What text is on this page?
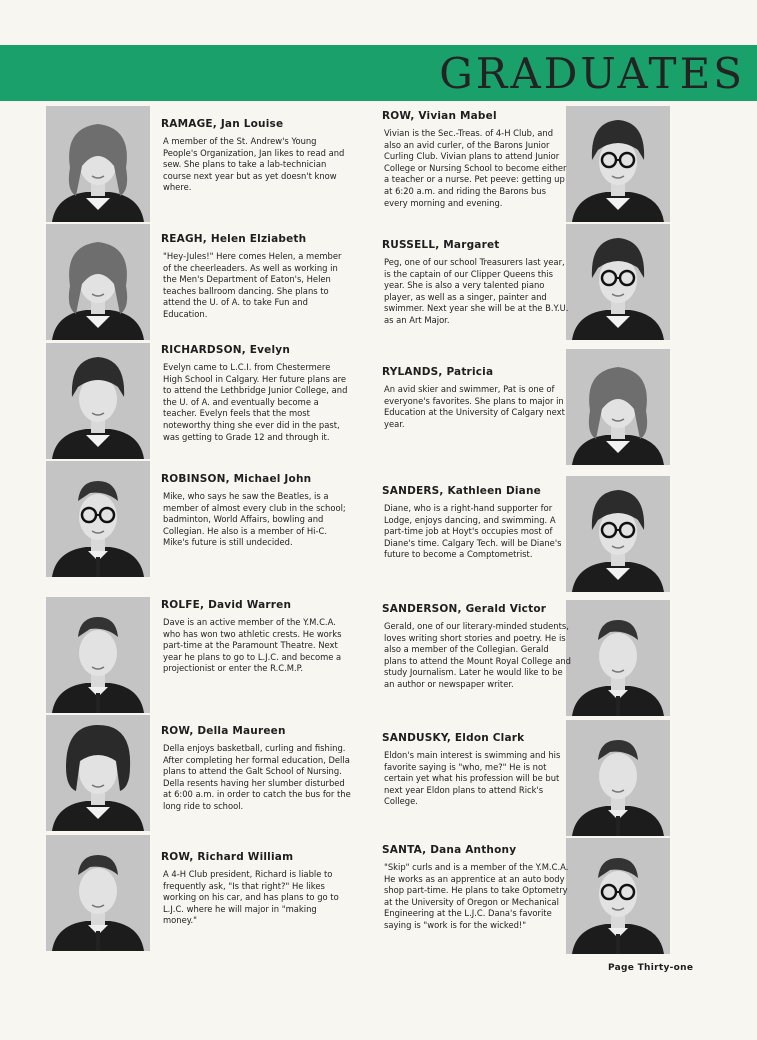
GRADUATES
RAMAGE, Jan Louise

A member of the St. Andrew's Young People's Organization, Jan likes to read and sew. She plans to take a lab-technician course next year but as yet doesn't know where.

REAGH, Helen Elziabeth

"Hey-Jules!" Here comes Helen, a member of the cheerleaders. As well as working in the Men's Department of Eaton's, Helen teaches ballroom dancing. She plans to attend the U. of A. to take Fun and Education.

RICHARDSON, Evelyn

Evelyn came to L.C.I. from Chestermere High School in Calgary. Her future plans are to attend the Lethbridge Junior College, and the U. of A. and eventually become a teacher. Evelyn feels that the most noteworthy thing she ever did in the past, was getting to Grade 12 and through it.

ROBINSON, Michael John

Mike, who says he saw the Beatles, is a member of almost every club in the school; badminton, World Affairs, bowling and Collegian. He also is a member of Hi-C. Mike's future is still undecided.

ROLFE, David Warren

Dave is an active member of the Y.M.C.A. who has won two athletic crests. He works part-time at the Paramount Theatre. Next year he plans to go to L.J.C. and become a projectionist or enter the R.C.M.P.

ROW, Della Maureen

Della enjoys basketball, curling and fishing. After completing her formal education, Della plans to attend the Galt School of Nursing. Della resents having her slumber disturbed at 6:00 a.m. in order to catch the bus for the long ride to school.

ROW, Richard William

A 4-H Club president, Richard is liable to frequently ask, "Is that right?" He likes working on his car, and has plans to go to L.J.C. where he will major in "making money."

ROW, Vivian Mabel

Vivian is the Sec.-Treas. of 4-H Club, and also an avid curler, of the Barons Junior Curling Club. Vivian plans to attend Junior College or Nursing School to become either a teacher or a nurse. Pet peeve: getting up at 6:20 a.m. and riding the Barons bus every morning and evening.

RUSSELL, Margaret

Peg, one of our school Treasurers last year, is the captain of our Clipper Queens this year. She is also a very talented piano player, as well as a singer, painter and swimmer. Next year she will be at the B.Y.U. as an Art Major.

RYLANDS, Patricia

An avid skier and swimmer, Pat is one of everyone's favorites. She plans to major in Education at the University of Calgary next year.

SANDERS, Kathleen Diane

Diane, who is a right-hand supporter for Lodge, enjoys dancing, and swimming. A part-time job at Hoyt's occupies most of Diane's time. Calgary Tech. will be Diane's future to become a Comptometrist.

SANDERSON, Gerald Victor

Gerald, one of our literary-minded students, loves writing short stories and poetry. He is also a member of the Collegian. Gerald plans to attend the Mount Royal College and study Journalism. Later he would like to be an author or newspaper writer.

SANDUSKY, Eldon Clark

Eldon's main interest is swimming and his favorite saying is "who, me?" He is not certain yet what his profession will be but next year Eldon plans to attend Rick's College.

SANTA, Dana Anthony

"Skip" curls and is a member of the Y.M.C.A. He works as an apprentice at an auto body shop part-time. He plans to take Optometry at the University of Oregon or Mechanical Engineering at the L.J.C. Dana's favorite saying is "work is for the wicked!"

Page Thirty-one
